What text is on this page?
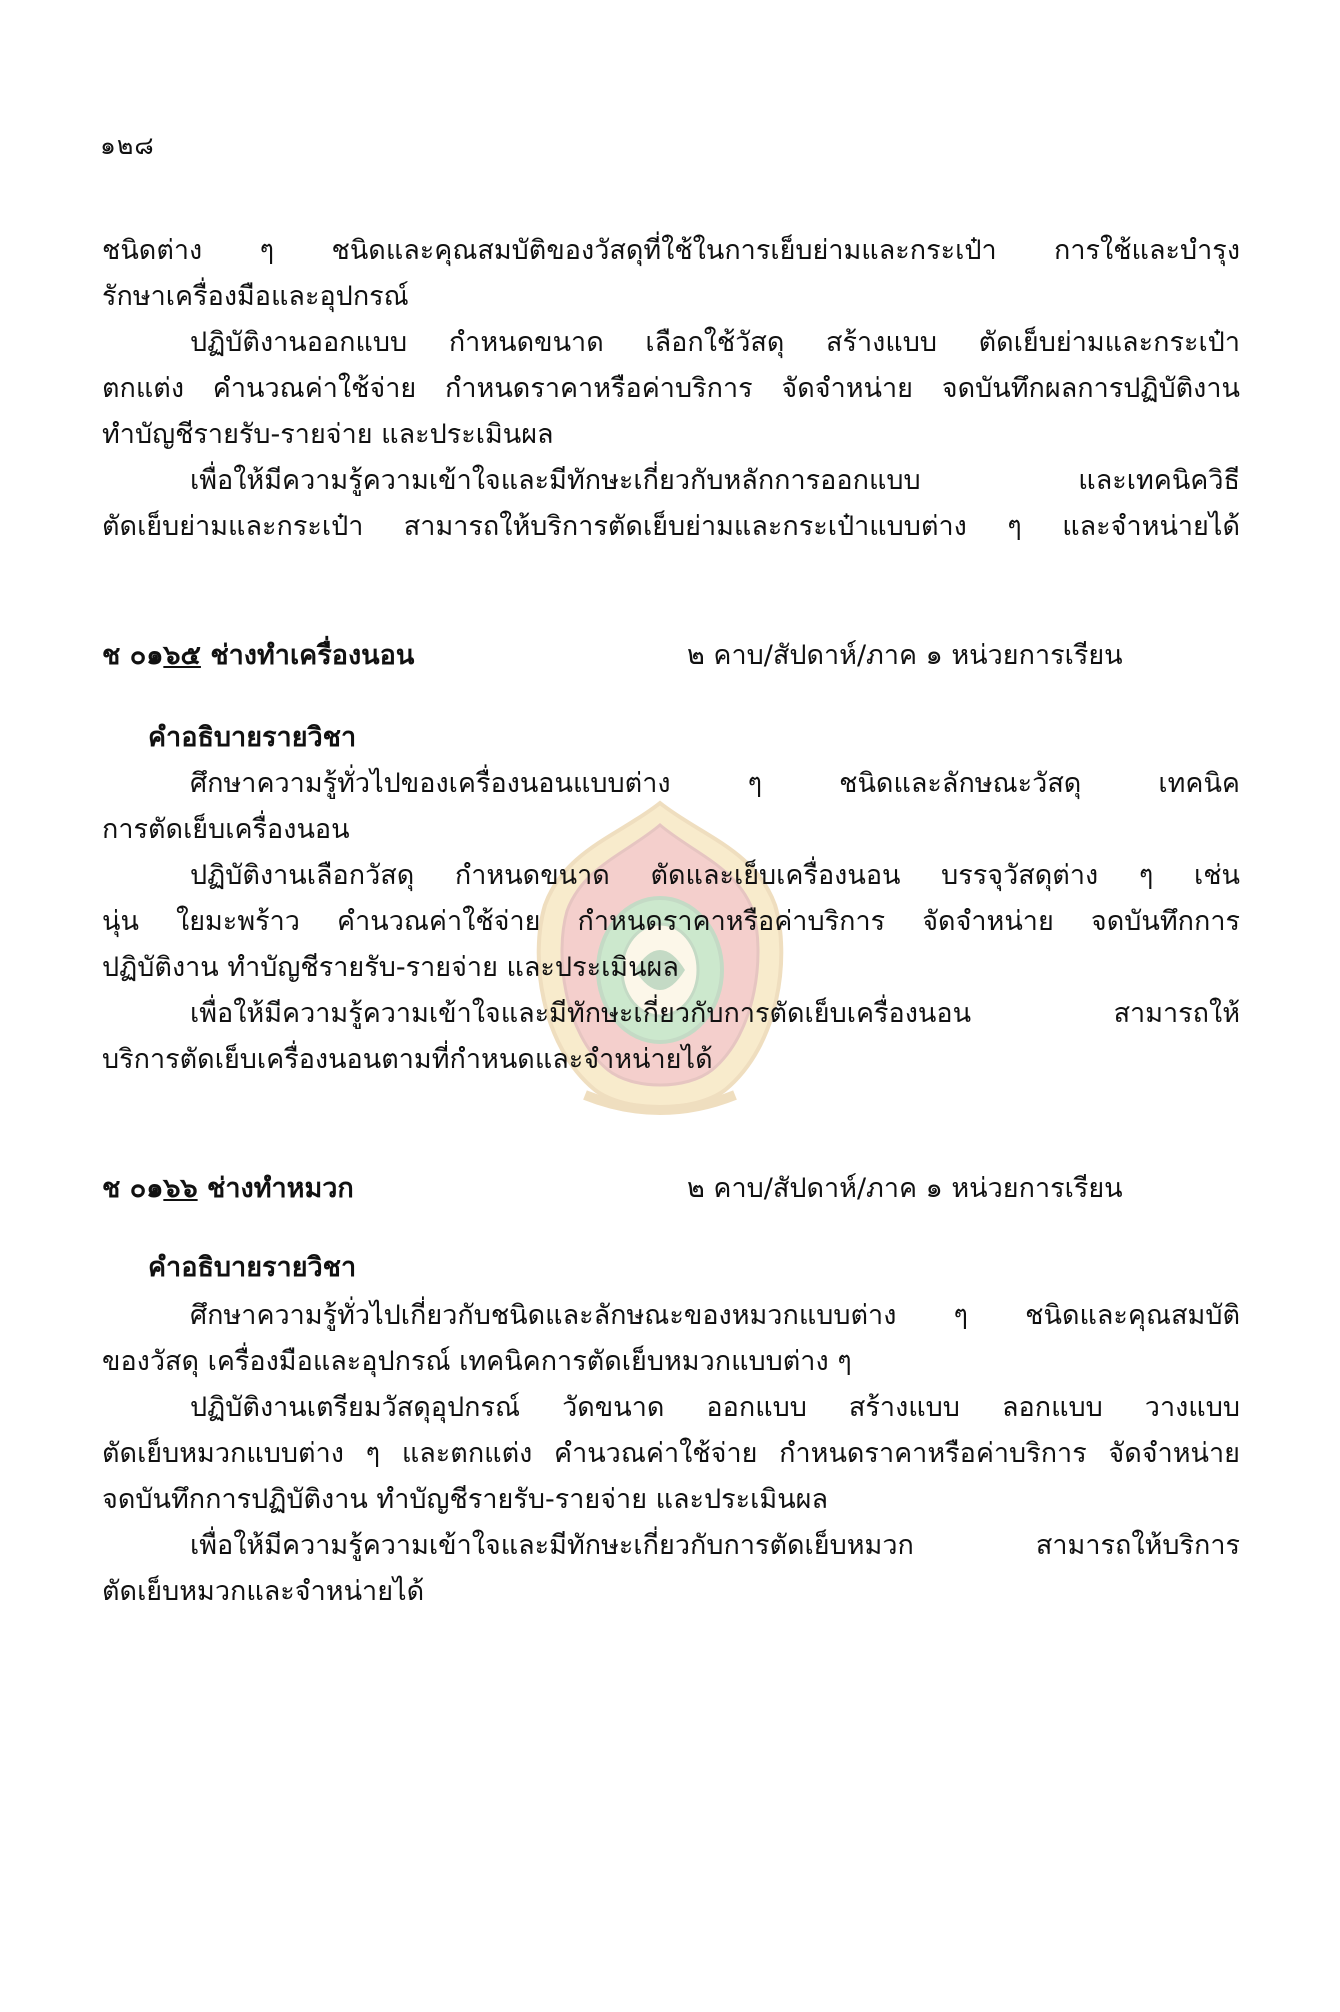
๑๒๘
ชนิดต่าง ๆ ชนิดและคุณสมบัติของวัสดุที่ใช้ในการเย็บย่ามและกระเป๋า การใช้และบำรุง
รักษาเครื่องมือและอุปกรณ์
ปฏิบัติงานออกแบบ กำหนดขนาด เลือกใช้วัสดุ สร้างแบบ ตัดเย็บย่ามและกระเป๋า
ตกแต่ง คำนวณค่าใช้จ่าย กำหนดราคาหรือค่าบริการ จัดจำหน่าย จดบันทึกผลการปฏิบัติงาน
ทำบัญชีรายรับ-รายจ่าย และประเมินผล
เพื่อให้มีความรู้ความเข้าใจและมีทักษะเกี่ยวกับหลักการออกแบบ และเทคนิควิธี
ตัดเย็บย่ามและกระเป๋า สามารถให้บริการตัดเย็บย่ามและกระเป๋าแบบต่าง ๆ และจำหน่ายได้
ช ๐๑๖๕ ช่างทำเครื่องนอน	๒ คาบ/สัปดาห์/ภาค ๑ หน่วยการเรียน
คำอธิบายรายวิชา
ศึกษาความรู้ทั่วไปของเครื่องนอนแบบต่าง ๆ ชนิดและลักษณะวัสดุ เทคนิค
การตัดเย็บเครื่องนอน
ปฏิบัติงานเลือกวัสดุ กำหนดขนาด ตัดและเย็บเครื่องนอน บรรจุวัสดุต่าง ๆ เช่น
นุ่น ใยมะพร้าว คำนวณค่าใช้จ่าย กำหนดราคาหรือค่าบริการ จัดจำหน่าย จดบันทึกการ
ปฏิบัติงาน ทำบัญชีรายรับ-รายจ่าย และประเมินผล
เพื่อให้มีความรู้ความเข้าใจและมีทักษะเกี่ยวกับการตัดเย็บเครื่องนอน สามารถให้
บริการตัดเย็บเครื่องนอนตามที่กำหนดและจำหน่ายได้
ช ๐๑๖๖ ช่างทำหมวก	๒ คาบ/สัปดาห์/ภาค ๑ หน่วยการเรียน
คำอธิบายรายวิชา
ศึกษาความรู้ทั่วไปเกี่ยวกับชนิดและลักษณะของหมวกแบบต่าง ๆ ชนิดและคุณสมบัติ
ของวัสดุ เครื่องมือและอุปกรณ์ เทคนิคการตัดเย็บหมวกแบบต่าง ๆ
ปฏิบัติงานเตรียมวัสดุอุปกรณ์ วัดขนาด ออกแบบ สร้างแบบ ลอกแบบ วางแบบ
ตัดเย็บหมวกแบบต่าง ๆ และตกแต่ง คำนวณค่าใช้จ่าย กำหนดราคาหรือค่าบริการ จัดจำหน่าย
จดบันทึกการปฏิบัติงาน ทำบัญชีรายรับ-รายจ่าย และประเมินผล
เพื่อให้มีความรู้ความเข้าใจและมีทักษะเกี่ยวกับการตัดเย็บหมวก สามารถให้บริการ
ตัดเย็บหมวกและจำหน่ายได้
